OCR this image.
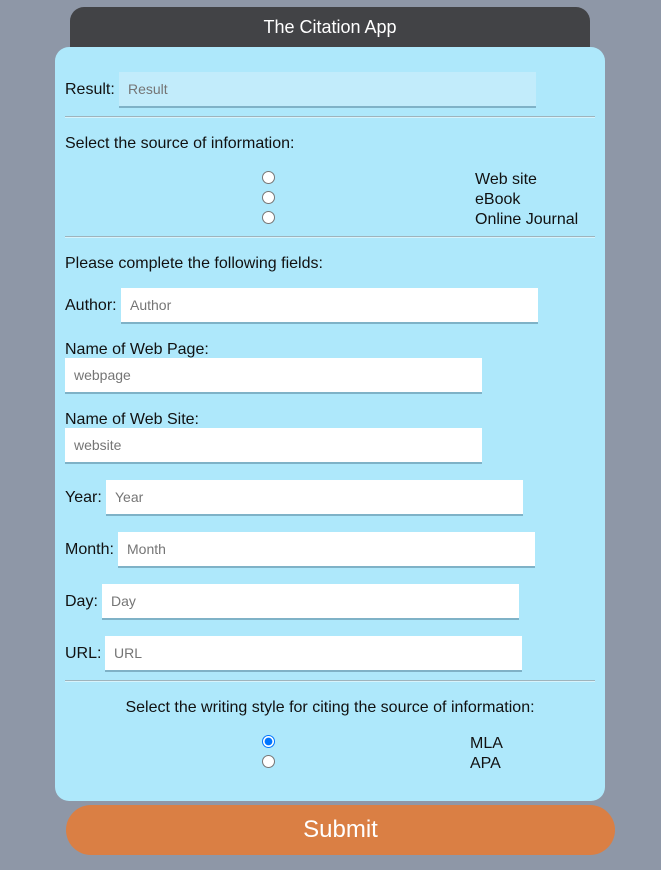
The Citation App
Result:
Result
Select the source of information:
Web site
eBook
Online Journal
Please complete the following fields:
Author:
Author
Name of Web Page:
webpage
Name of Web Site:
website
Year:
Year
Month:
Month
Day:
Day
URL:
URL
Select the writing style for citing the source of information:
MLA
APA
Submit
